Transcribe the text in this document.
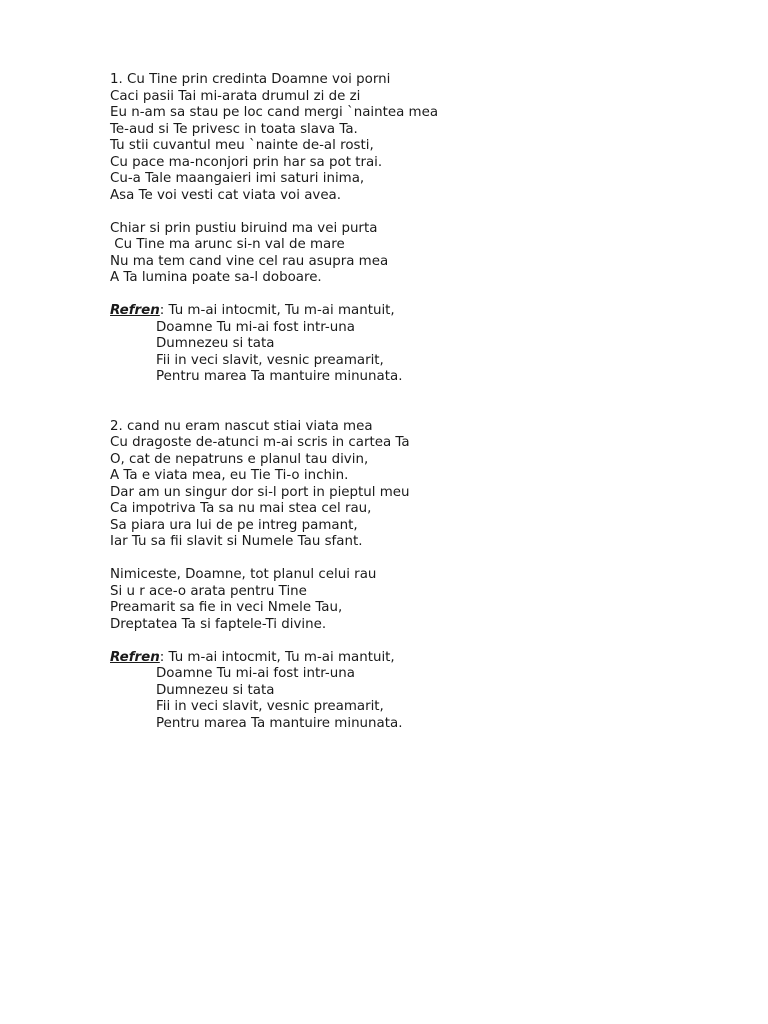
1. Cu Tine prin credinta Doamne voi porni
Caci pasii Tai mi-arata drumul zi de zi
Eu n-am sa stau pe loc cand mergi `naintea mea
Te-aud si Te privesc in toata slava Ta.
Tu stii cuvantul meu `nainte de-al rosti,
Cu pace ma-nconjori prin har sa pot trai.
Cu-a Tale maangaieri imi saturi inima,
Asa Te voi vesti cat viata voi avea.
Chiar si prin pustiu biruind ma vei purta
Cu Tine ma arunc si-n val de mare
Nu ma tem cand vine cel rau asupra mea
A Ta lumina poate sa-l doboare.
Refren: Tu m-ai intocmit, Tu m-ai mantuit,
Doamne Tu mi-ai fost intr-una
Dumnezeu si tata
Fii in veci slavit, vesnic preamarit,
Pentru marea Ta mantuire minunata.
2. cand nu eram nascut stiai viata mea
Cu dragoste de-atunci m-ai scris in cartea Ta
O, cat de nepatruns e planul tau divin,
A Ta e viata mea, eu Tie Ti-o inchin.
Dar am un singur dor si-l port in pieptul meu
Ca impotriva Ta sa nu mai stea cel rau,
Sa piara ura lui de pe intreg pamant,
Iar Tu sa fii slavit si Numele Tau sfant.
Nimiceste, Doamne, tot planul celui rau
Si u r ace-o arata pentru Tine
Preamarit sa fie in veci Nmele Tau,
Dreptatea Ta si faptele-Ti divine.
Refren: Tu m-ai intocmit, Tu m-ai mantuit,
Doamne Tu mi-ai fost intr-una
Dumnezeu si tata
Fii in veci slavit, vesnic preamarit,
Pentru marea Ta mantuire minunata.
